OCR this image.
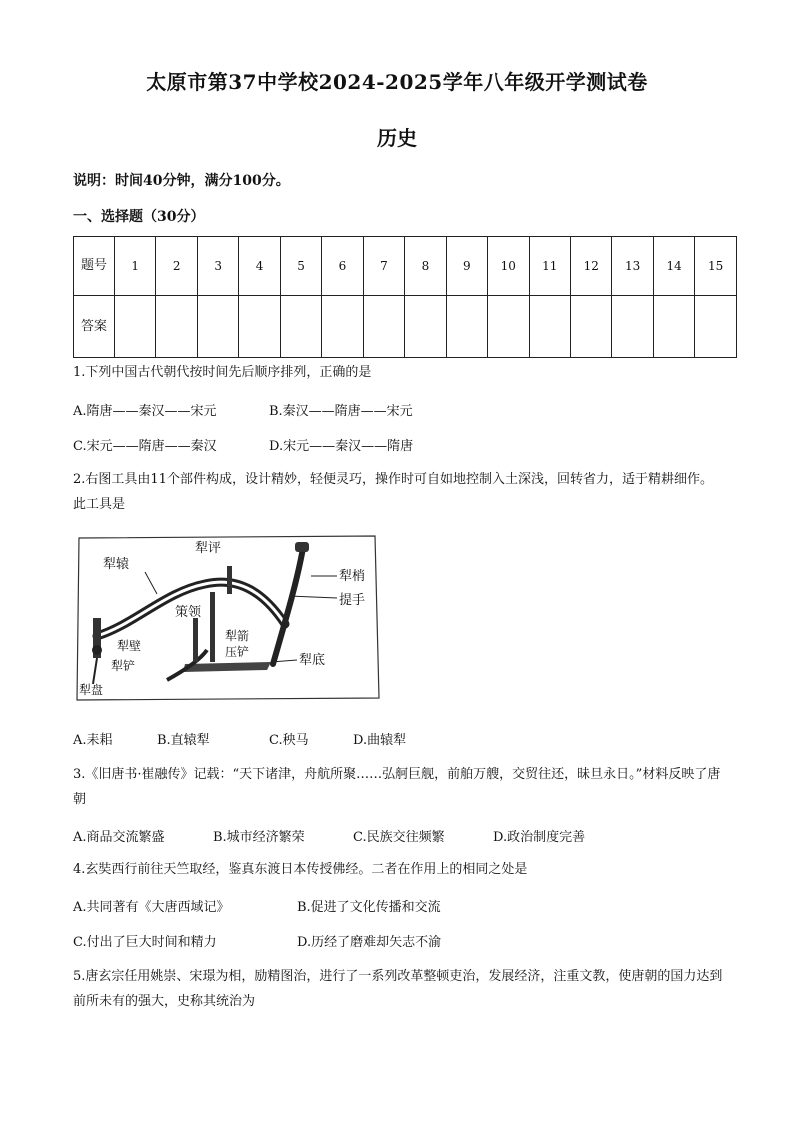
太原市第37中学校2024-2025学年八年级开学测试卷
历史
说明：时间40分钟，满分100分。
一、选择题（30分）
题号	1	2	3	4	5	6	7	8	9	10	11	12	13	14	15
答案															
1.下列中国古代朝代按时间先后顺序排列，正确的是
A.隋唐——秦汉——宋元	B.秦汉——隋唐——宋元
C.宋元——隋唐——秦汉	D.宋元——秦汉——隋唐
2.右图工具由11个部件构成，设计精妙，轻便灵巧，操作时可自如地控制入土深浅，回转省力，适于精耕细作。此工具是
犁评
犁辕
犁梢
提手
策领
犁壁
犁箭
犁铲
压铲
犁底
犁盘
A.耒耜	B.直辕犁	C.秧马	D.曲辕犁
3.《旧唐书·崔融传》记载：“天下诸津，舟航所聚……弘舸巨舰，前舶万艘，交贸往还，昧旦永日。”材料反映了唐朝
A.商品交流繁盛	B.城市经济繁荣	C.民族交往频繁	D.政治制度完善
4.玄奘西行前往天竺取经，鉴真东渡日本传授佛经。二者在作用上的相同之处是
A.共同著有《大唐西域记》	B.促进了文化传播和交流
C.付出了巨大时间和精力	D.历经了磨难却矢志不渝
5.唐玄宗任用姚崇、宋璟为相，励精图治，进行了一系列改革整顿吏治，发展经济，注重文教，使唐朝的国力达到前所未有的强大，史称其统治为
